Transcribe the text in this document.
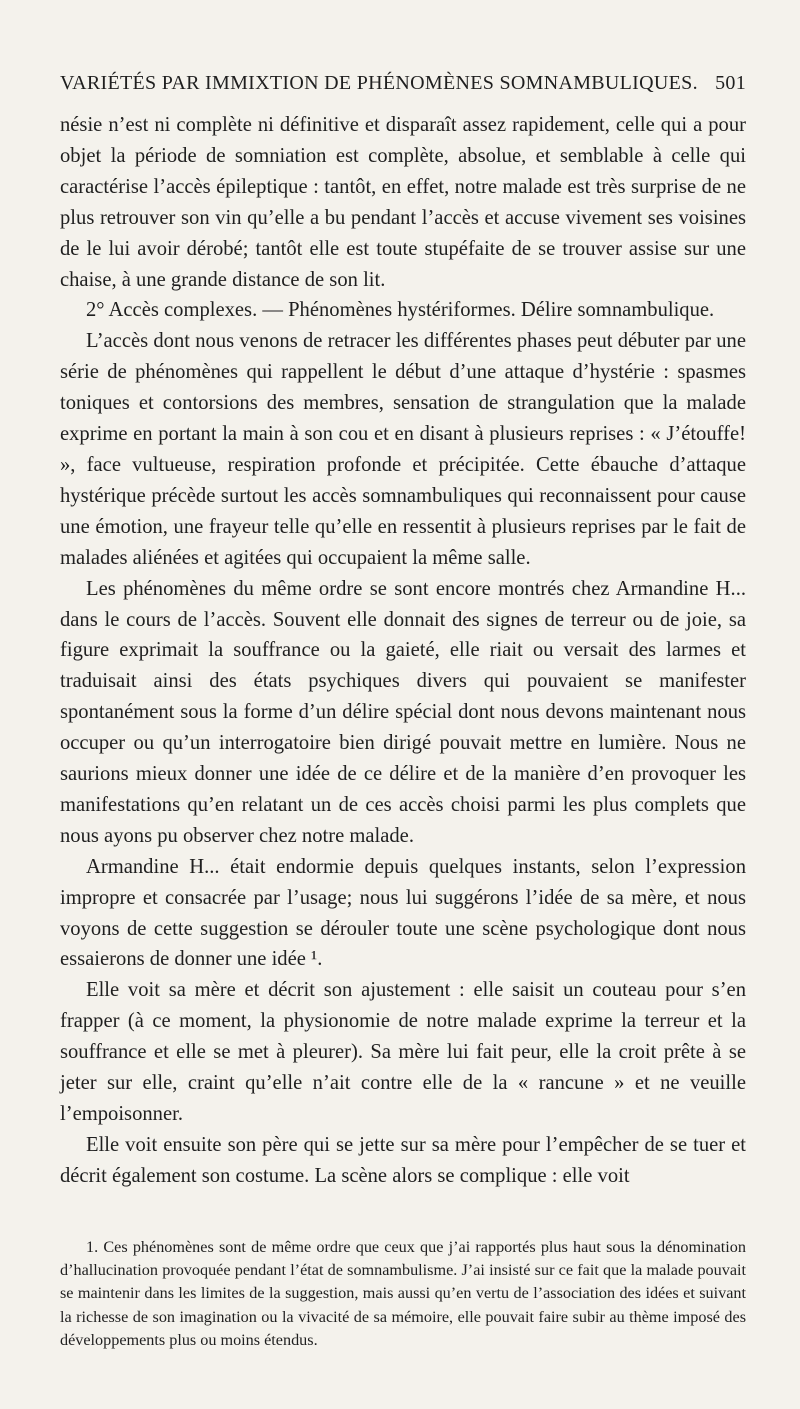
VARIÉTÉS PAR IMMIXTION DE PHÉNOMÈNES SOMNAMBULIQUES. 501

nésie n’est ni complète ni définitive et disparaît assez rapidement, celle qui a pour objet la période de somniation est complète, absolue, et semblable à celle qui caractérise l’accès épileptique : tantôt, en effet, notre malade est très surprise de ne plus retrouver son vin qu’elle a bu pendant l’accès et accuse vivement ses voisines de le lui avoir dérobé; tantôt elle est toute stupéfaite de se trouver assise sur une chaise, à une grande distance de son lit.

2° Accès complexes. — Phénomènes hystériformes. Délire somnambulique.

L’accès dont nous venons de retracer les différentes phases peut débuter par une série de phénomènes qui rappellent le début d’une attaque d’hystérie : spasmes toniques et contorsions des membres, sensation de strangulation que la malade exprime en portant la main à son cou et en disant à plusieurs reprises : « J’étouffe! », face vultueuse, respiration profonde et précipitée. Cette ébauche d’attaque hystérique précède surtout les accès somnambuliques qui reconnaissent pour cause une émotion, une frayeur telle qu’elle en ressentit à plusieurs reprises par le fait de malades aliénées et agitées qui occupaient la même salle.

Les phénomènes du même ordre se sont encore montrés chez Armandine H... dans le cours de l’accès. Souvent elle donnait des signes de terreur ou de joie, sa figure exprimait la souffrance ou la gaieté, elle riait ou versait des larmes et traduisait ainsi des états psychiques divers qui pouvaient se manifester spontanément sous la forme d’un délire spécial dont nous devons maintenant nous occuper ou qu’un interrogatoire bien dirigé pouvait mettre en lumière. Nous ne saurions mieux donner une idée de ce délire et de la manière d’en provoquer les manifestations qu’en relatant un de ces accès choisi parmi les plus complets que nous ayons pu observer chez notre malade.

Armandine H... était endormie depuis quelques instants, selon l’expression impropre et consacrée par l’usage; nous lui suggérons l’idée de sa mère, et nous voyons de cette suggestion se dérouler toute une scène psychologique dont nous essaierons de donner une idée ¹.

Elle voit sa mère et décrit son ajustement : elle saisit un couteau pour s’en frapper (à ce moment, la physionomie de notre malade exprime la terreur et la souffrance et elle se met à pleurer). Sa mère lui fait peur, elle la croit prête à se jeter sur elle, craint qu’elle n’ait contre elle de la « rancune » et ne veuille l’empoisonner.

Elle voit ensuite son père qui se jette sur sa mère pour l’empêcher de se tuer et décrit également son costume. La scène alors se complique : elle voit

1. Ces phénomènes sont de même ordre que ceux que j’ai rapportés plus haut sous la dénomination d’hallucination provoquée pendant l’état de somnambulisme. J’ai insisté sur ce fait que la malade pouvait se maintenir dans les limites de la suggestion, mais aussi qu’en vertu de l’association des idées et suivant la richesse de son imagination ou la vivacité de sa mémoire, elle pouvait faire subir au thème imposé des développements plus ou moins étendus.
